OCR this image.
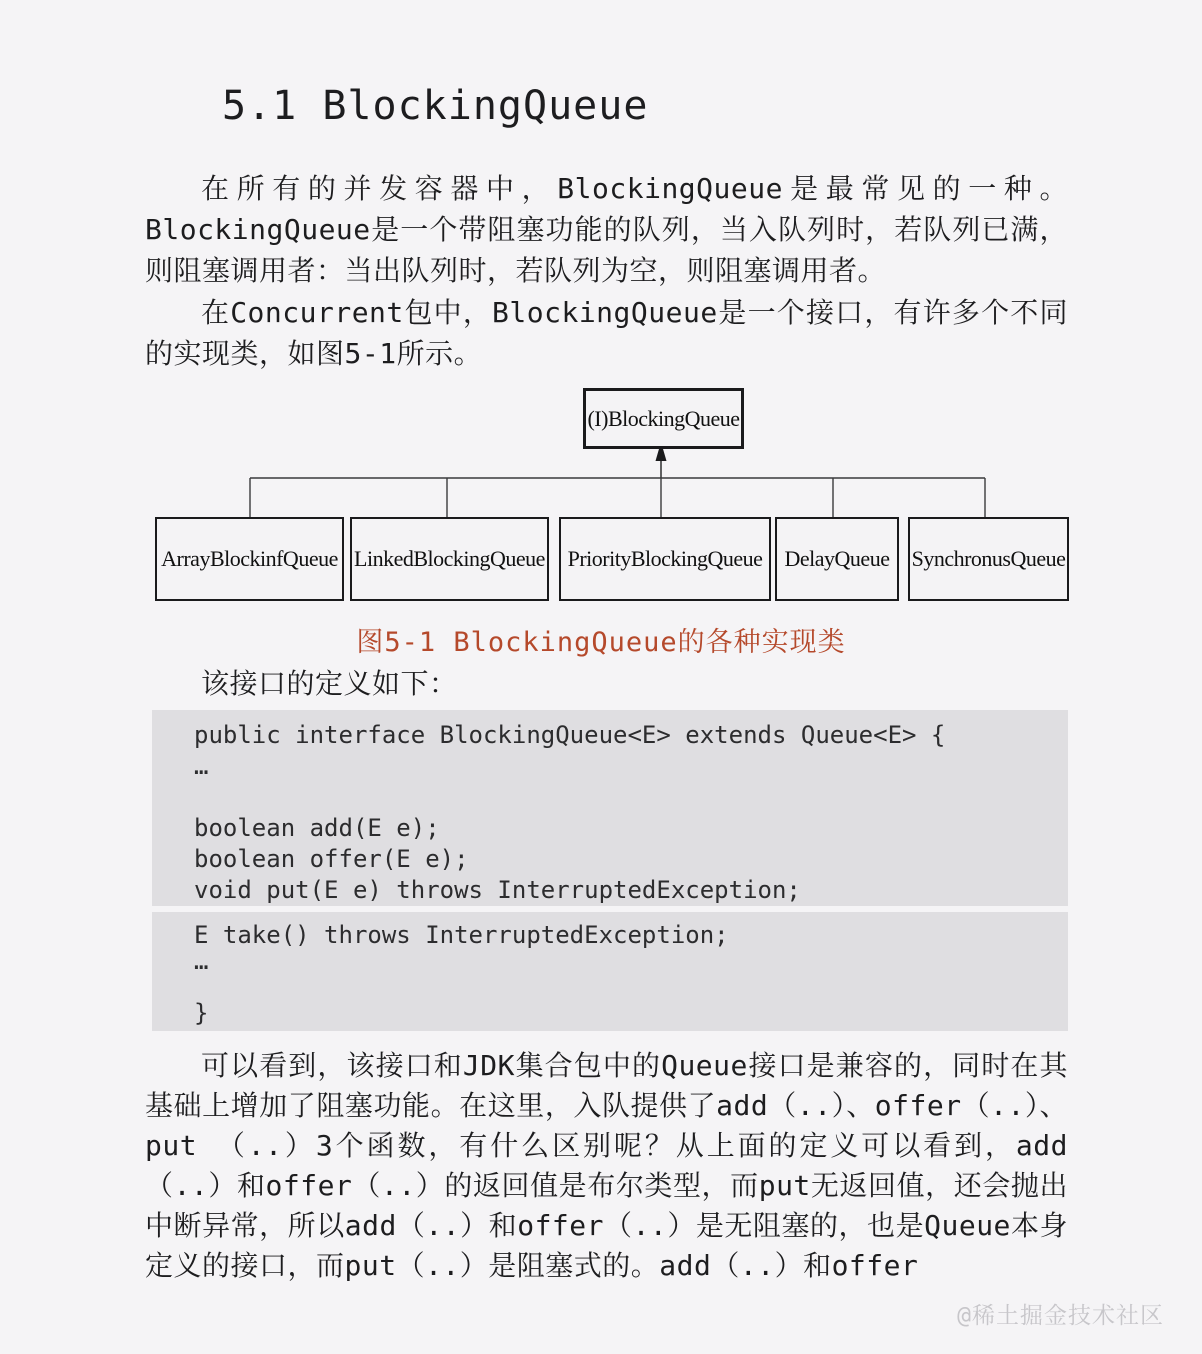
5.1 BlockingQueue
在所有的并发容器中，BlockingQueue是最常见的一种。BlockingQueue是一个带阻塞功能的队列，当入队列时，若队列已满，则阻塞调用者：当出队列时，若队列为空，则阻塞调用者。
在Concurrent包中，BlockingQueue是一个接口，有许多个不同的实现类，如图5-1所示。
(I)BlockingQueue
ArrayBlockinfQueue LinkedBlockingQueue	PriorityBlockingQueue	DelayQueue	SynchronusQueue
图5-1 BlockingQueue的各种实现类
该接口的定义如下：
public interface BlockingQueue<E> extends Queue<E> {
…
boolean add(E e);
boolean offer(E e);
void put(E e) throws InterruptedException;
E take() throws InterruptedException;
…
}
可以看到，该接口和JDK集合包中的Queue接口是兼容的，同时在其基础上增加了阻塞功能。在这里，入队提供了add（..）、offer（..）、put （..）3个函数，有什么区别呢？从上面的定义可以看到，add（..）和offer（..）的返回值是布尔类型，而put无返回值，还会抛出中断异常，所以add（..）和offer（..）是无阻塞的，也是Queue本身定义的接口，而put（..）是阻塞式的。add（..）和offer
@稀土掘金技术社区
